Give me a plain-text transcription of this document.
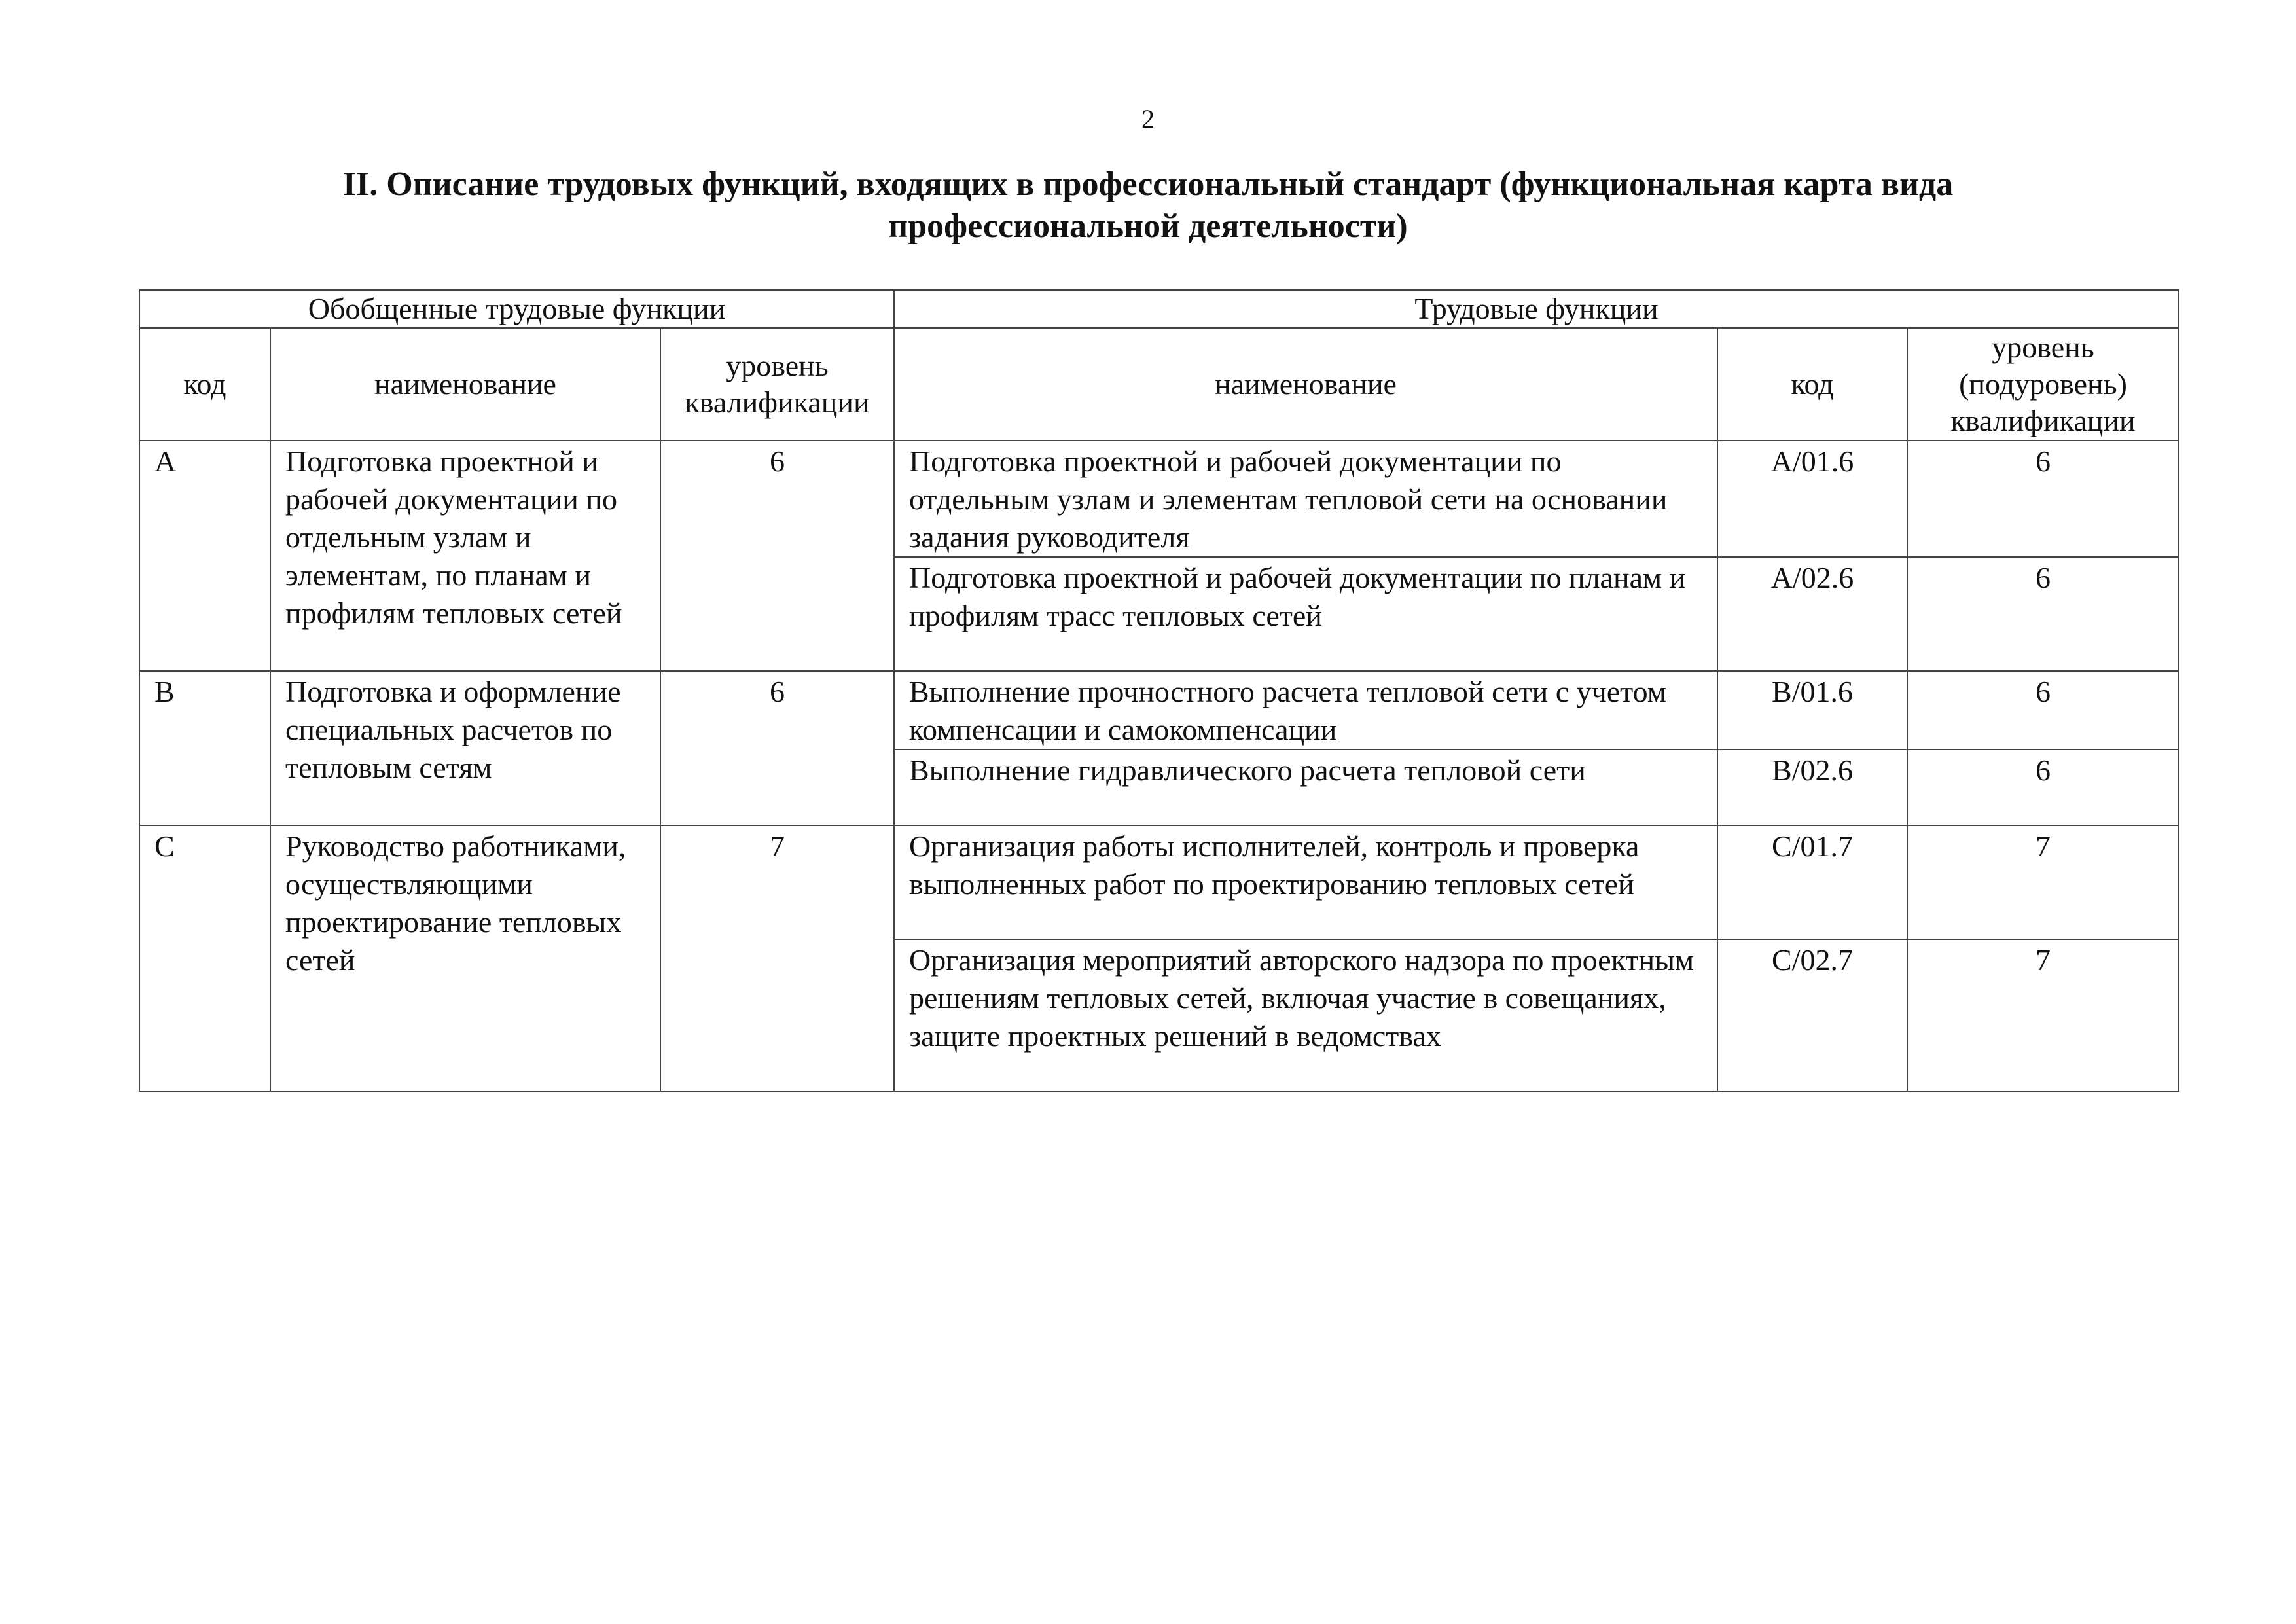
2
II. Описание трудовых функций, входящих в профессиональный стандарт (функциональная карта вида
профессиональной деятельности)
Обобщенные трудовые функции			Трудовые функции		
код	наименование	уровень квалификации	наименование	код	уровень (подуровень) квалификации
A	Подготовка проектной и рабочей документации по отдельным узлам и элементам, по планам и профилям тепловых сетей	6	Подготовка проектной и рабочей документации по отдельным узлам и элементам тепловой сети на основании задания руководителя	A/01.6	6
			Подготовка проектной и рабочей документации по планам и профилям трасс тепловых сетей	A/02.6	6
B	Подготовка и оформление специальных расчетов по тепловым сетям	6	Выполнение прочностного расчета тепловой сети с учетом компенсации и самокомпенсации	B/01.6	6
			Выполнение гидравлического расчета тепловой сети	B/02.6	6
C	Руководство работниками, осуществляющими проектирование тепловых сетей	7	Организация работы исполнителей, контроль и проверка выполненных работ по проектированию тепловых сетей	C/01.7	7
			Организация мероприятий авторского надзора по проектным решениям тепловых сетей, включая участие в совещаниях, защите проектных решений в ведомствах	C/02.7	7
